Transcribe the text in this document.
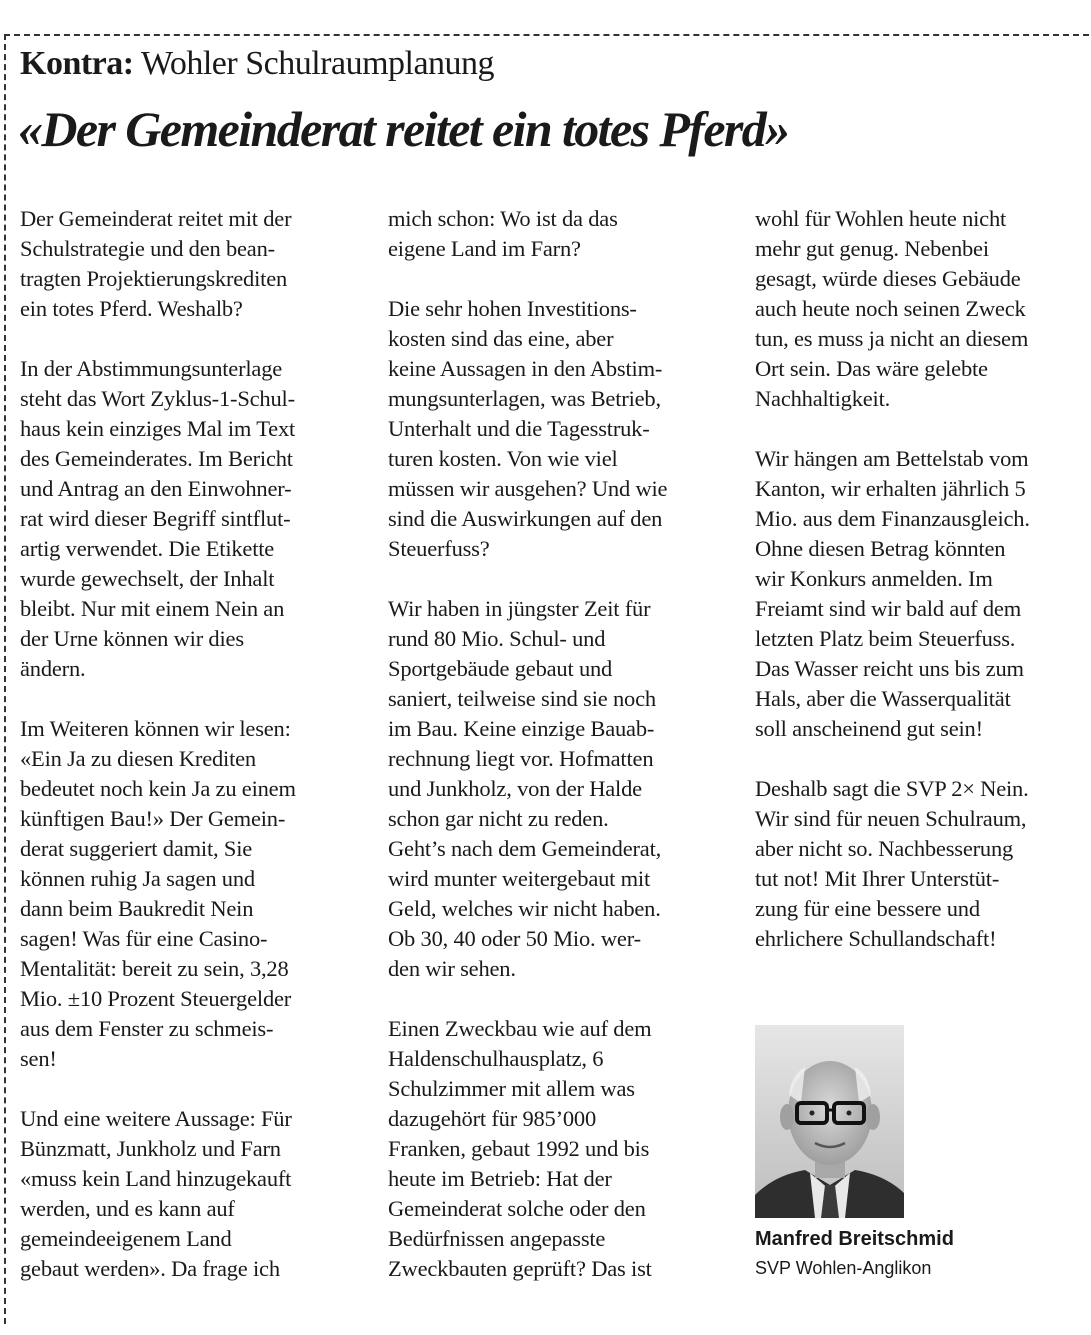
Kontra: Wohler Schulraumplanung
«Der Gemeinderat reitet ein totes Pferd»

Der Gemeinderat reitet mit der
Schulstrategie und den bean-
tragten Projektierungskrediten
ein totes Pferd. Weshalb?

In der Abstimmungsunterlage
steht das Wort Zyklus-1-Schul-
haus kein einziges Mal im Text
des Gemeinderates. Im Bericht
und Antrag an den Einwohner-
rat wird dieser Begriff sintflut-
artig verwendet. Die Etikette
wurde gewechselt, der Inhalt
bleibt. Nur mit einem Nein an
der Urne können wir dies
ändern.

Im Weiteren können wir lesen:
«Ein Ja zu diesen Krediten
bedeutet noch kein Ja zu einem
künftigen Bau!» Der Gemein-
derat suggeriert damit, Sie
können ruhig Ja sagen und
dann beim Baukredit Nein
sagen! Was für eine Casino-
Mentalität: bereit zu sein, 3,28
Mio. ±10 Prozent Steuergelder
aus dem Fenster zu schmeis-
sen!

Und eine weitere Aussage: Für
Bünzmatt, Junkholz und Farn
«muss kein Land hinzugekauft
werden, und es kann auf
gemeindeeigenem Land
gebaut werden». Da frage ich

mich schon: Wo ist da das
eigene Land im Farn?

Die sehr hohen Investitions-
kosten sind das eine, aber
keine Aussagen in den Abstim-
mungsunterlagen, was Betrieb,
Unterhalt und die Tagesstruk-
turen kosten. Von wie viel
müssen wir ausgehen? Und wie
sind die Auswirkungen auf den
Steuerfuss?

Wir haben in jüngster Zeit für
rund 80 Mio. Schul- und
Sportgebäude gebaut und
saniert, teilweise sind sie noch
im Bau. Keine einzige Bauab-
rechnung liegt vor. Hofmatten
und Junkholz, von der Halde
schon gar nicht zu reden.
Geht’s nach dem Gemeinderat,
wird munter weitergebaut mit
Geld, welches wir nicht haben.
Ob 30, 40 oder 50 Mio. wer-
den wir sehen.

Einen Zweckbau wie auf dem
Haldenschulhausplatz, 6
Schulzimmer mit allem was
dazugehört für 985’000
Franken, gebaut 1992 und bis
heute im Betrieb: Hat der
Gemeinderat solche oder den
Bedürfnissen angepasste
Zweckbauten geprüft? Das ist

wohl für Wohlen heute nicht
mehr gut genug. Nebenbei
gesagt, würde dieses Gebäude
auch heute noch seinen Zweck
tun, es muss ja nicht an diesem
Ort sein. Das wäre gelebte
Nachhaltigkeit.

Wir hängen am Bettelstab vom
Kanton, wir erhalten jährlich 5
Mio. aus dem Finanzausgleich.
Ohne diesen Betrag könnten
wir Konkurs anmelden. Im
Freiamt sind wir bald auf dem
letzten Platz beim Steuerfuss.
Das Wasser reicht uns bis zum
Hals, aber die Wasserqualität
soll anscheinend gut sein!

Deshalb sagt die SVP 2× Nein.
Wir sind für neuen Schulraum,
aber nicht so. Nachbesserung
tut not! Mit Ihrer Unterstüt-
zung für eine bessere und
ehrlichere Schullandschaft!

Manfred Breitschmid
SVP Wohlen-Anglikon
